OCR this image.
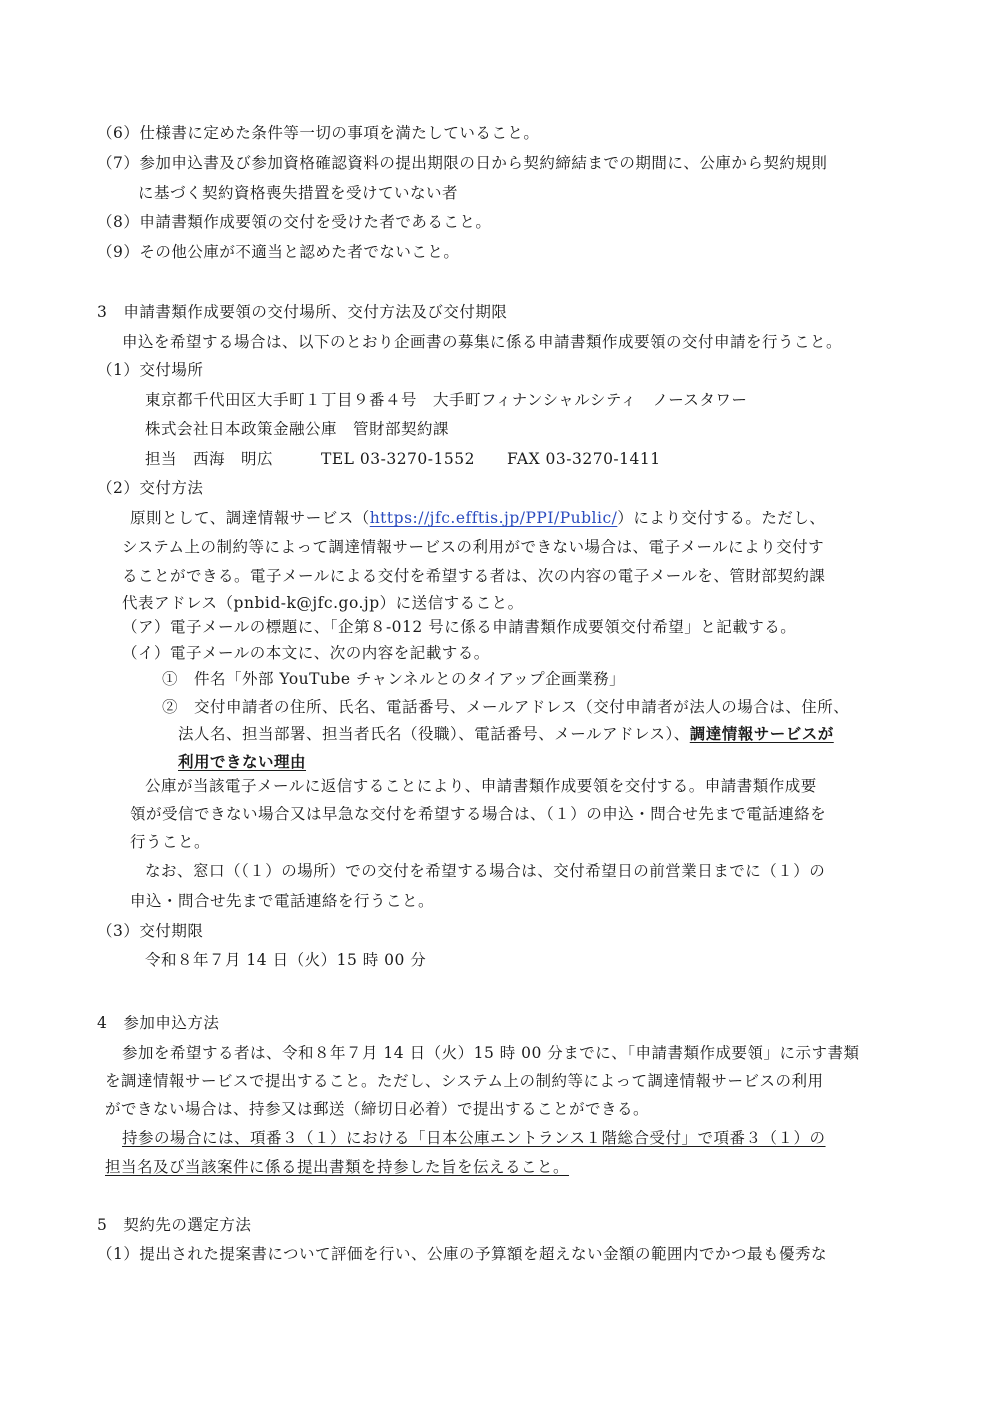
（6）仕様書に定めた条件等一切の事項を満たしていること。
（7）参加申込書及び参加資格確認資料の提出期限の日から契約締結までの期間に、公庫から契約規則
に基づく契約資格喪失措置を受けていない者
（8）申請書類作成要領の交付を受けた者であること。
（9）その他公庫が不適当と認めた者でないこと。
3　申請書類作成要領の交付場所、交付方法及び交付期限
申込を希望する場合は、以下のとおり企画書の募集に係る申請書類作成要領の交付申請を行うこと。
（1）交付場所
東京都千代田区大手町１丁目９番４号　大手町フィナンシャルシティ　ノースタワー
株式会社日本政策金融公庫　管財部契約課
担当　西海　明広　　　TEL 03-3270-1552　　FAX 03-3270-1411
（2）交付方法
原則として、調達情報サービス（https://jfc.efftis.jp/PPI/Public/）により交付する。ただし、
システム上の制約等によって調達情報サービスの利用ができない場合は、電子メールにより交付す
ることができる。電子メールによる交付を希望する者は、次の内容の電子メールを、管財部契約課
代表アドレス（pnbid-k@jfc.go.jp）に送信すること。
（ア）電子メールの標題に、「企第８-012 号に係る申請書類作成要領交付希望」と記載する。
（イ）電子メールの本文に、次の内容を記載する。
①　件名「外部 YouTube チャンネルとのタイアップ企画業務」
②　交付申請者の住所、氏名、電話番号、メールアドレス（交付申請者が法人の場合は、住所、
法人名、担当部署、担当者氏名（役職）、電話番号、メールアドレス）、調達情報サービスが
利用できない理由
公庫が当該電子メールに返信することにより、申請書類作成要領を交付する。申請書類作成要
領が受信できない場合又は早急な交付を希望する場合は、（１）の申込・問合せ先まで電話連絡を
行うこと。
なお、窓口（（１）の場所）での交付を希望する場合は、交付希望日の前営業日までに（１）の
申込・問合せ先まで電話連絡を行うこと。
（3）交付期限
令和８年７月 14 日（火）15 時 00 分
4　参加申込方法
参加を希望する者は、令和８年７月 14 日（火）15 時 00 分までに、「申請書類作成要領」に示す書類
を調達情報サービスで提出すること。ただし、システム上の制約等によって調達情報サービスの利用
ができない場合は、持参又は郵送（締切日必着）で提出することができる。
持参の場合には、項番３（１）における「日本公庫エントランス１階総合受付」で項番３（１）の
担当名及び当該案件に係る提出書類を持参した旨を伝えること。
5　契約先の選定方法
（1）提出された提案書について評価を行い、公庫の予算額を超えない金額の範囲内でかつ最も優秀な
